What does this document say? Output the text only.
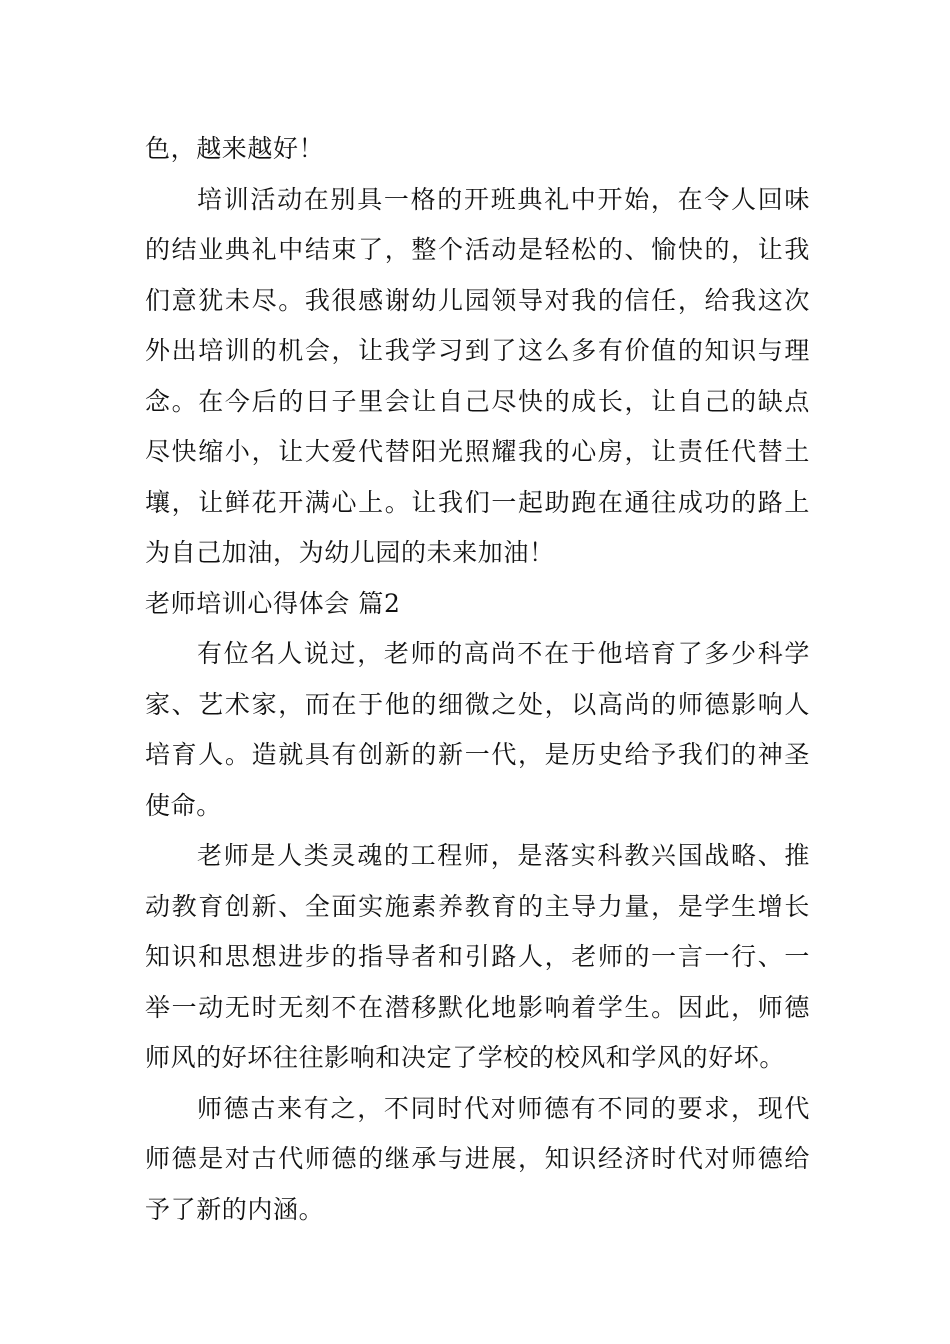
色，越来越好！

培训活动在别具一格的开班典礼中开始，在令人回味的结业典礼中结束了，整个活动是轻松的、愉快的，让我们意犹未尽。我很感谢幼儿园领导对我的信任，给我这次外出培训的机会，让我学习到了这么多有价值的知识与理念。在今后的日子里会让自己尽快的成长，让自己的缺点尽快缩小，让大爱代替阳光照耀我的心房，让责任代替土壤，让鲜花开满心上。让我们一起助跑在通往成功的路上为自己加油，为幼儿园的未来加油！

老师培训心得体会 篇2

有位名人说过，老师的高尚不在于他培育了多少科学家、艺术家，而在于他的细微之处，以高尚的师德影响人培育人。造就具有创新的新一代，是历史给予我们的神圣使命。

老师是人类灵魂的工程师，是落实科教兴国战略、推动教育创新、全面实施素养教育的主导力量，是学生增长知识和思想进步的指导者和引路人，老师的一言一行、一举一动无时无刻不在潜移默化地影响着学生。因此，师德师风的好坏往往影响和决定了学校的校风和学风的好坏。

师德古来有之，不同时代对师德有不同的要求，现代师德是对古代师德的继承与进展，知识经济时代对师德给予了新的内涵。
